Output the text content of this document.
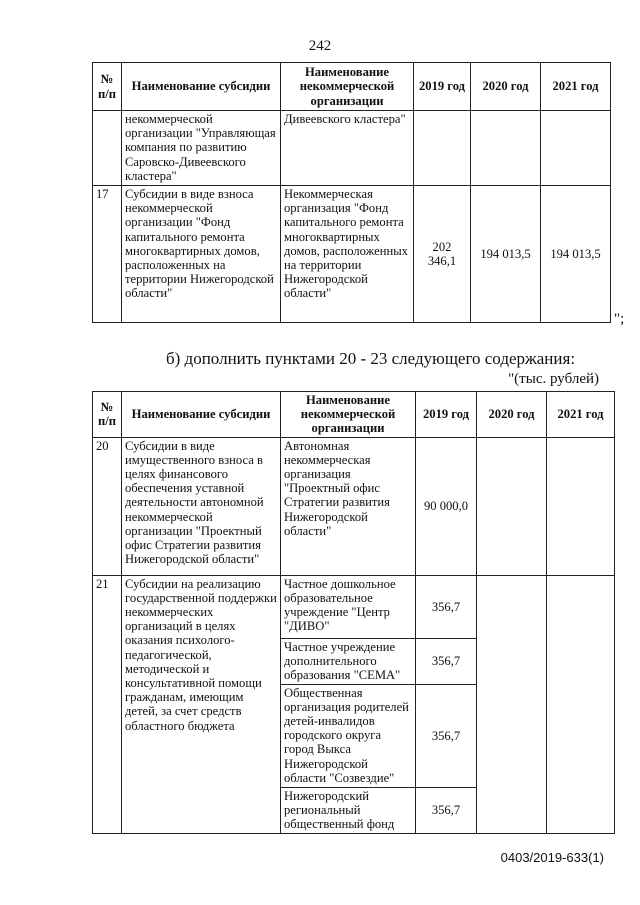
242
№ п/п	Наименование субсидии	Наименование некоммерческой организации	2019 год	2020 год	2021 год
	некоммерческой организации "Управляющая компания по развитию Саровско-Дивеевского кластера"	Дивеевского кластера"			
17	Субсидии в виде взноса некоммерческой организации "Фонд капитального ремонта многоквартирных домов, расположенных на территории Нижегородской области"	Некоммерческая организация "Фонд капитального ремонта многоквартирных домов, расположенных на территории Нижегородской области"	202 346,1	194 013,5	194 013,5
";
б) дополнить пунктами 20 - 23 следующего содержания:
"(тыс. рублей)
№ п/п	Наименование субсидии	Наименование некоммерческой организации	2019 год	2020 год	2021 год
20	Субсидии в виде имущественного взноса в целях финансового обеспечения уставной деятельности автономной некоммерческой организации "Проектный офис Стратегии развития Нижегородской области"	Автономная некоммерческая организация "Проектный офис Стратегии развития Нижегородской области"	90 000,0		
21	Субсидии на реализацию государственной поддержки некоммерческих организаций в целях оказания психолого-педагогической, методической и консультативной помощи гражданам, имеющим детей, за счет средств областного бюджета	Частное дошкольное образовательное учреждение "Центр "ДИВО"	356,7		
		Частное учреждение дополнительного образования "СЕМА"	356,7		
		Общественная организация родителей детей-инвалидов городского округа город Выкса Нижегородской области "Созвездие"	356,7		
		Нижегородский региональный общественный фонд	356,7		
0403/2019-633(1)
